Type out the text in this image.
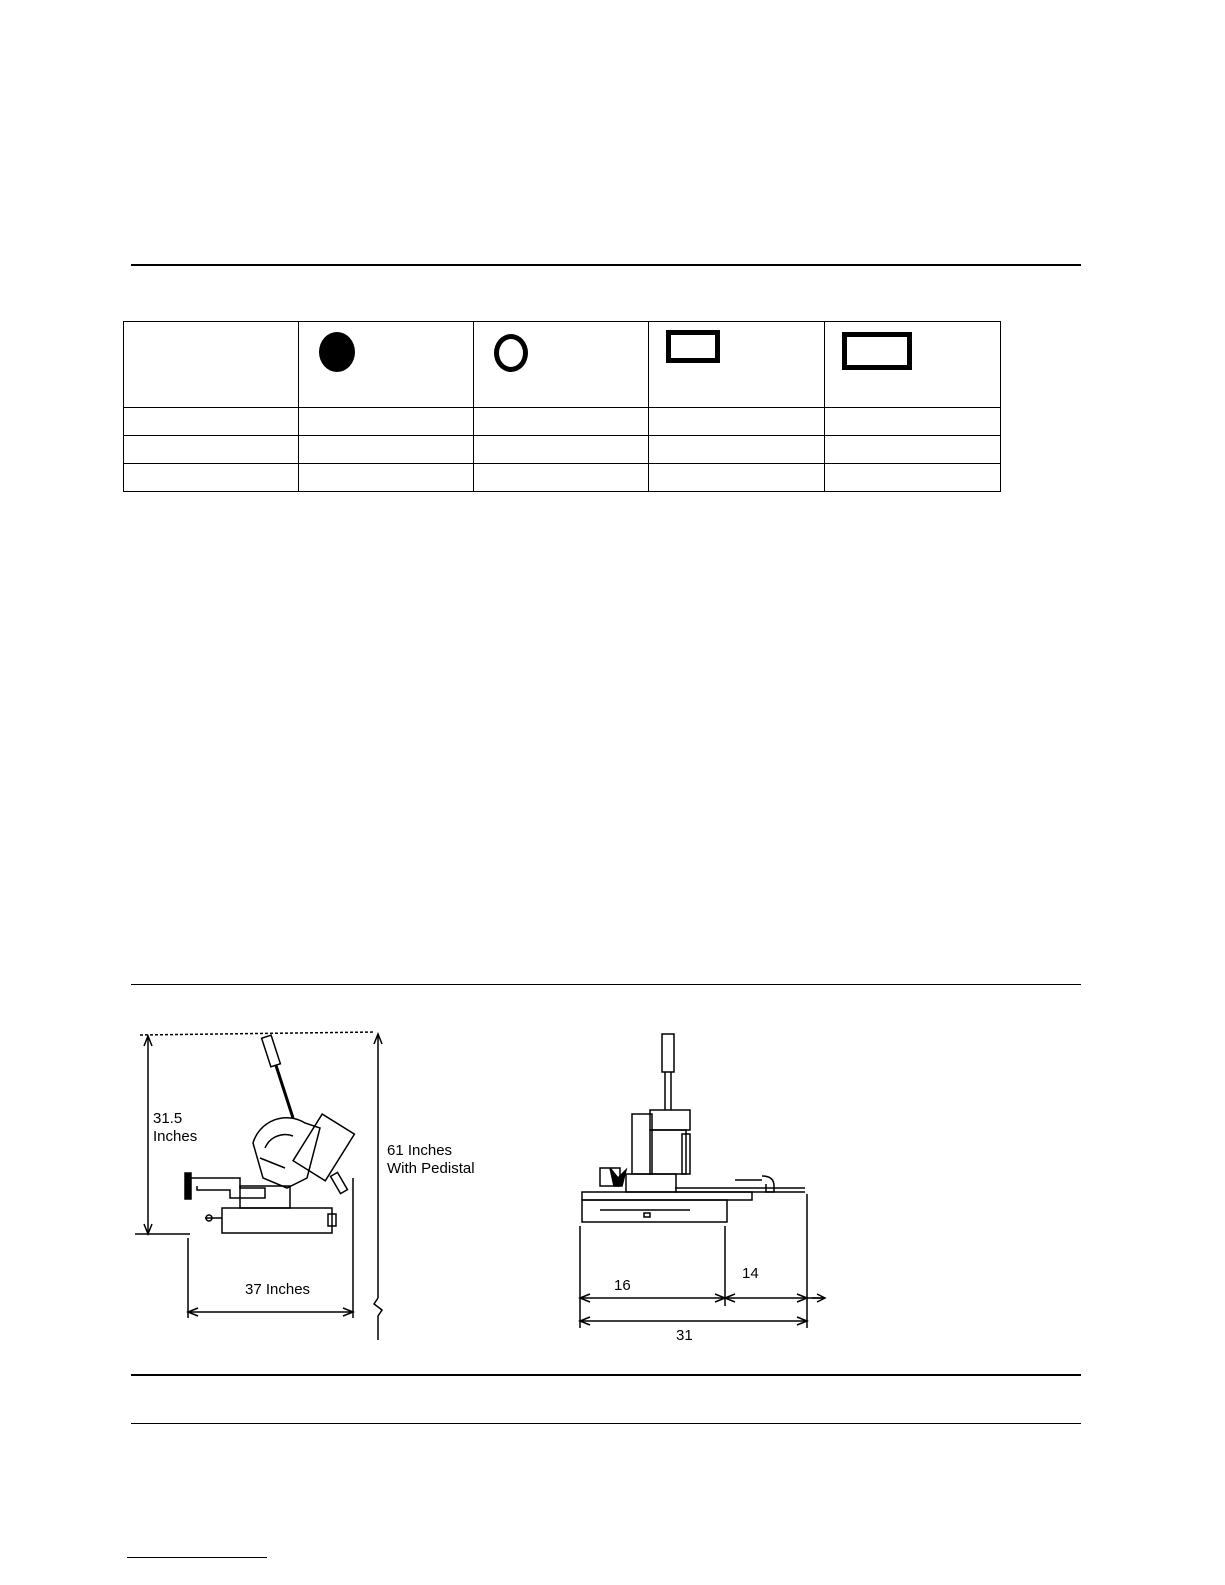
31.5
Inches
61 Inches
With Pedistal
37 Inches	16
14
31
